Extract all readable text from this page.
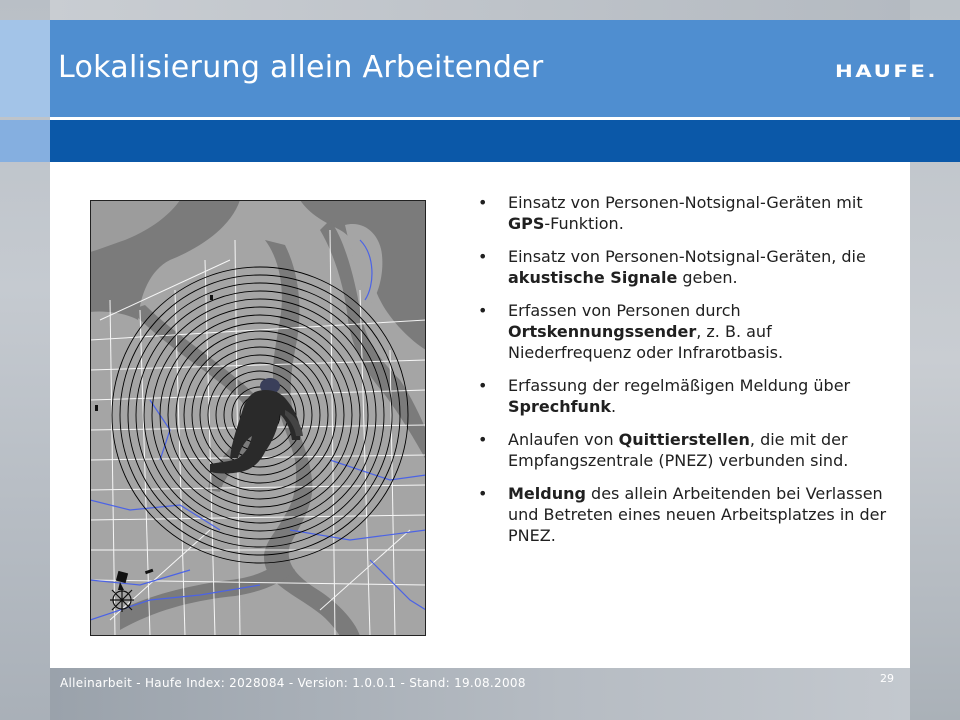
Lokalisierung allein Arbeitender	HAUFE.
• Einsatz von Personen-Notsignal-Geräten mit GPS-Funktion.
• Einsatz von Personen-Notsignal-Geräten, die akustische Signale geben.
• Erfassen von Personen durch Ortskennungssender, z. B. auf Niederfrequenz oder Infrarotbasis.
• Erfassung der regelmäßigen Meldung über Sprechfunk.
• Anlaufen von Quittierstellen, die mit der Empfangszentrale (PNEZ) verbunden sind.
• Meldung des allein Arbeitenden bei Verlassen und Betreten eines neuen Arbeitsplatzes in der PNEZ.
Alleinarbeit - Haufe Index: 2028084 - Version: 1.0.0.1 - Stand: 19.08.2008	29
